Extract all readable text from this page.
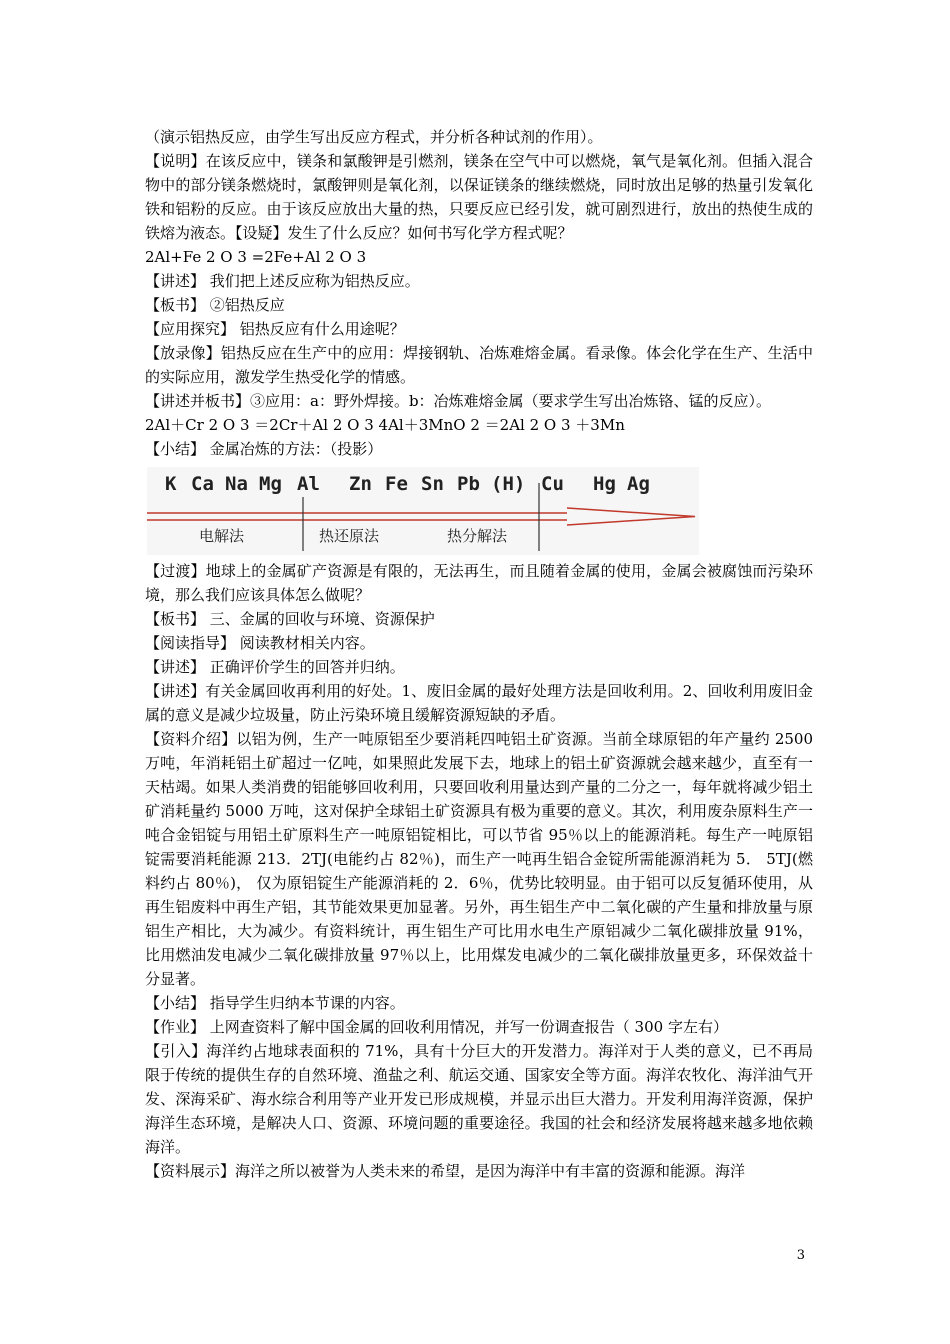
（演示铝热反应，由学生写出反应方程式，并分析各种试剂的作用）。

【说明】在该反应中，镁条和氯酸钾是引燃剂，镁条在空气中可以燃烧，氧气是氧化剂。但插入混合物中的部分镁条燃烧时，氯酸钾则是氧化剂，以保证镁条的继续燃烧，同时放出足够的热量引发氧化铁和铝粉的反应。由于该反应放出大量的热，只要反应已经引发，就可剧烈进行，放出的热使生成的铁熔为液态。【设疑】发生了什么反应？如何书写化学方程式呢？

2Al+Fe 2 O 3 =2Fe+Al 2 O 3

【讲述】 我们把上述反应称为铝热反应。

【板书】 ②铝热反应

【应用探究】 铝热反应有什么用途呢？

【放录像】铝热反应在生产中的应用：焊接钢轨、冶炼难熔金属。看录像。体会化学在生产、生活中的实际应用，激发学生热受化学的情感。

【讲述并板书】③应用：a：野外焊接。b：冶炼难熔金属（要求学生写出冶炼铬、锰的反应）。

2Al＋Cr 2 O 3 ＝2Cr＋Al 2 O 3 4Al＋3MnO 2 ＝2Al 2 O 3 ＋3Mn

【小结】 金属冶炼的方法：（投影）

K Ca Na Mg Al	Zn Fe Sn Pb (H) Cu	Hg Ag
电解法	热还原法	热分解法

【过渡】地球上的金属矿产资源是有限的，无法再生，而且随着金属的使用，金属会被腐蚀而污染环境，那么我们应该具体怎么做呢？

【板书】 三、金属的回收与环境、资源保护

【阅读指导】 阅读教材相关内容。

【讲述】 正确评价学生的回答并归纳。

【讲述】有关金属回收再利用的好处。1、废旧金属的最好处理方法是回收利用。2、回收利用废旧金属的意义是减少垃圾量，防止污染环境且缓解资源短缺的矛盾。

【资料介绍】以铝为例，生产一吨原铝至少要消耗四吨铝土矿资源。当前全球原铝的年产量约 2500 万吨，年消耗铝土矿超过一亿吨，如果照此发展下去，地球上的铝土矿资源就会越来越少，直至有一天枯竭。如果人类消费的铝能够回收利用，只要回收利用量达到产量的二分之一，每年就将减少铝土矿消耗量约 5000 万吨，这对保护全球铝土矿资源具有极为重要的意义。其次，利用废杂原料生产一吨合金铝锭与用铝土矿原料生产一吨原铝锭相比，可以节省 95％以上的能源消耗。每生产一吨原铝锭需要消耗能源 213．2TJ(电能约占 82％)，而生产一吨再生铝合金锭所需能源消耗为 5． 5TJ(燃料约占 80％)， 仅为原铝锭生产能源消耗的 2．6％，优势比较明显。由于铝可以反复循环使用，从再生铝废料中再生产铝，其节能效果更加显著。另外，再生铝生产中二氧化碳的产生量和排放量与原铝生产相比，大为减少。有资料统计，再生铝生产可比用水电生产原铝减少二氧化碳排放量 91%，比用燃油发电减少二氧化碳排放量 97％以上，比用煤发电减少的二氧化碳排放量更多，环保效益十分显著。

【小结】 指导学生归纳本节课的内容。

【作业】 上网查资料了解中国金属的回收利用情况，并写一份调查报告（ 300 字左右）

【引入】海洋约占地球表面积的 71%，具有十分巨大的开发潜力。海洋对于人类的意义，已不再局限于传统的提供生存的自然环境、渔盐之利、航运交通、国家安全等方面。海洋农牧化、海洋油气开发、深海采矿、海水综合利用等产业开发已形成规模，并显示出巨大潜力。开发利用海洋资源，保护海洋生态环境，是解决人口、资源、环境问题的重要途径。我国的社会和经济发展将越来越多地依赖海洋。

【资料展示】海洋之所以被誉为人类未来的希望，是因为海洋中有丰富的资源和能源。海洋

3
